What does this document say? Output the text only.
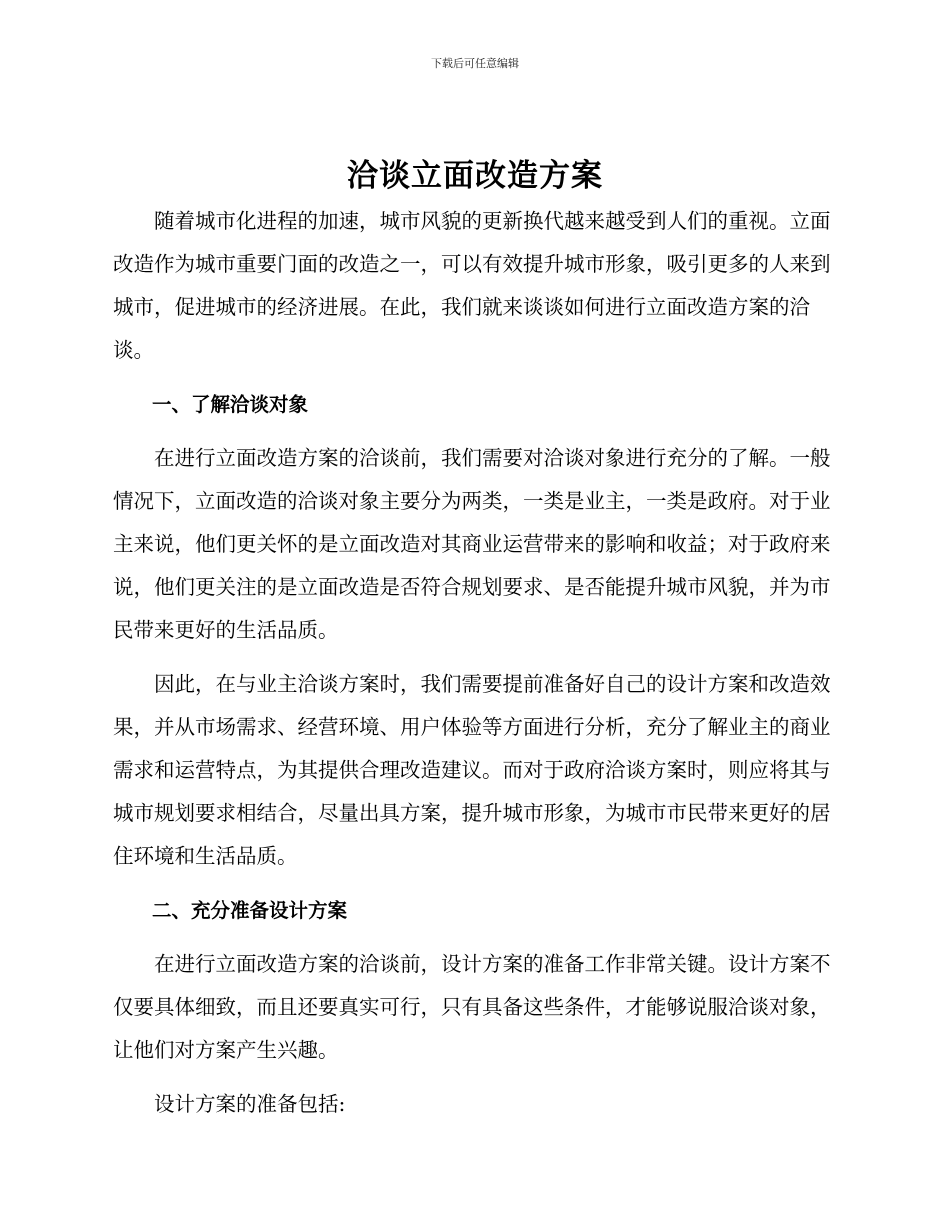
下载后可任意编辑
洽谈立面改造方案

随着城市化进程的加速，城市风貌的更新换代越来越受到人们的重视。立面改造作为城市重要门面的改造之一，可以有效提升城市形象，吸引更多的人来到城市，促进城市的经济进展。在此，我们就来谈谈如何进行立面改造方案的洽谈。

一、了解洽谈对象

在进行立面改造方案的洽谈前，我们需要对洽谈对象进行充分的了解。一般情况下，立面改造的洽谈对象主要分为两类，一类是业主，一类是政府。对于业主来说，他们更关怀的是立面改造对其商业运营带来的影响和收益；对于政府来说，他们更关注的是立面改造是否符合规划要求、是否能提升城市风貌，并为市民带来更好的生活品质。

因此，在与业主洽谈方案时，我们需要提前准备好自己的设计方案和改造效果，并从市场需求、经营环境、用户体验等方面进行分析，充分了解业主的商业需求和运营特点，为其提供合理改造建议。而对于政府洽谈方案时，则应将其与城市规划要求相结合，尽量出具方案，提升城市形象，为城市市民带来更好的居住环境和生活品质。

二、充分准备设计方案

在进行立面改造方案的洽谈前，设计方案的准备工作非常关键。设计方案不仅要具体细致，而且还要真实可行，只有具备这些条件，才能够说服洽谈对象，让他们对方案产生兴趣。

设计方案的准备包括:
